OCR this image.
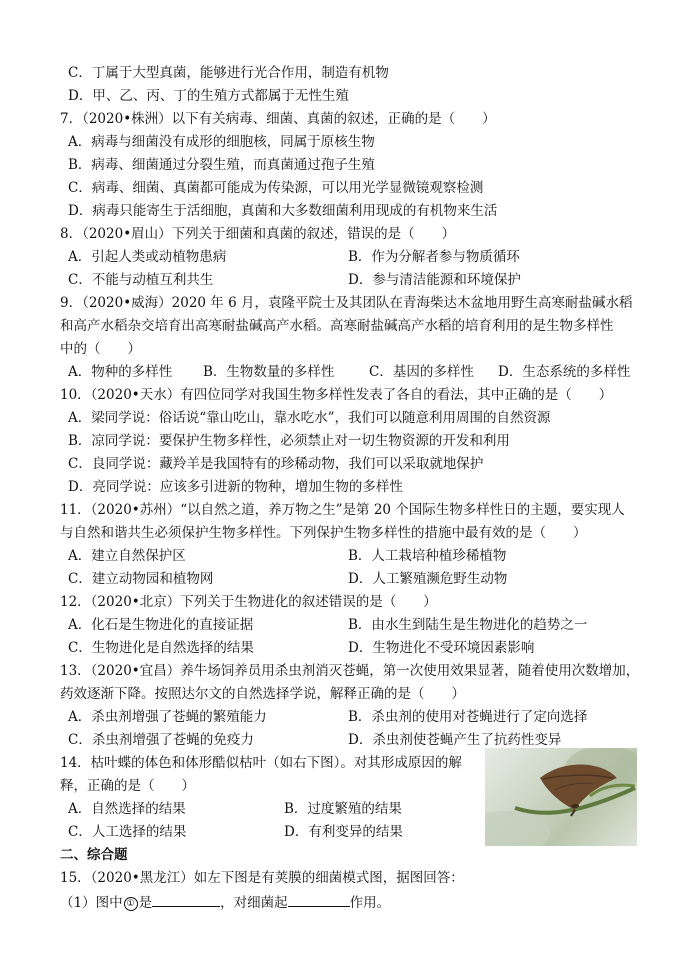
C．丁属于大型真菌，能够进行光合作用，制造有机物
D．甲、乙、丙、丁的生殖方式都属于无性生殖
7．（2020•株洲）以下有关病毒、细菌、真菌的叙述，正确的是（　　）
A．病毒与细菌没有成形的细胞核，同属于原核生物
B．病毒、细菌通过分裂生殖，而真菌通过孢子生殖
C．病毒、细菌、真菌都可能成为传染源，可以用光学显微镜观察检测
D．病毒只能寄生于活细胞，真菌和大多数细菌利用现成的有机物来生活
8．（2020•眉山）下列关于细菌和真菌的叙述，错误的是（　　）
A．引起人类或动植物患病	B．作为分解者参与物质循环
C．不能与动植互利共生	D．参与清洁能源和环境保护
9．（2020•威海）2020 年 6 月，袁隆平院士及其团队在青海柴达木盆地用野生高寒耐盐碱水稻
和高产水稻杂交培育出高寒耐盐碱高产水稻。高寒耐盐碱高产水稻的培育利用的是生物多样性
中的（　　）
A．物种的多样性 B．生物数量的多样性	C．基因的多样性 D．生态系统的多样性
10．（2020•天水）有四位同学对我国生物多样性发表了各自的看法，其中正确的是（　　）
A．梁同学说：俗话说“靠山吃山，靠水吃水”，我们可以随意利用周围的自然资源
B．凉同学说：要保护生物多样性，必须禁止对一切生物资源的开发和利用
C．良同学说：藏羚羊是我国特有的珍稀动物，我们可以采取就地保护
D．亮同学说：应该多引进新的物种，增加生物的多样性
11．（2020•苏州）“以自然之道，养万物之生”是第 20 个国际生物多样性日的主题，要实现人
与自然和谐共生必须保护生物多样性。下列保护生物多样性的措施中最有效的是（　　）
A．建立自然保护区	B．人工栽培种植珍稀植物
C．建立动物园和植物网	D．人工繁殖濒危野生动物
12．（2020•北京）下列关于生物进化的叙述错误的是（　　）
A．化石是生物进化的直接证据	B．由水生到陆生是生物进化的趋势之一
C．生物进化是自然选择的结果	D．生物进化不受环境因素影响
13．（2020•宜昌）养牛场饲养员用杀虫剂消灭苍蝇，第一次使用效果显著，随着使用次数增加，
药效逐渐下降。按照达尔文的自然选择学说，解释正确的是（　　）
A．杀虫剂增强了苍蝇的繁殖能力	B．杀虫剂的使用对苍蝇进行了定向选择
C．杀虫剂增强了苍蝇的免疫力	D．杀虫剂使苍蝇产生了抗药性变异
14．枯叶蝶的体色和体形酷似枯叶（如右下图）。对其形成原因的解
释，正确的是（　　）
A．自然选择的结果	B．过度繁殖的结果
C．人工选择的结果	D．有利变异的结果
二、综合题
15．（2020•黑龙江）如左下图是有荚膜的细菌模式图，据图回答：
（1）图中 ① 是	，对细菌起	作用。
